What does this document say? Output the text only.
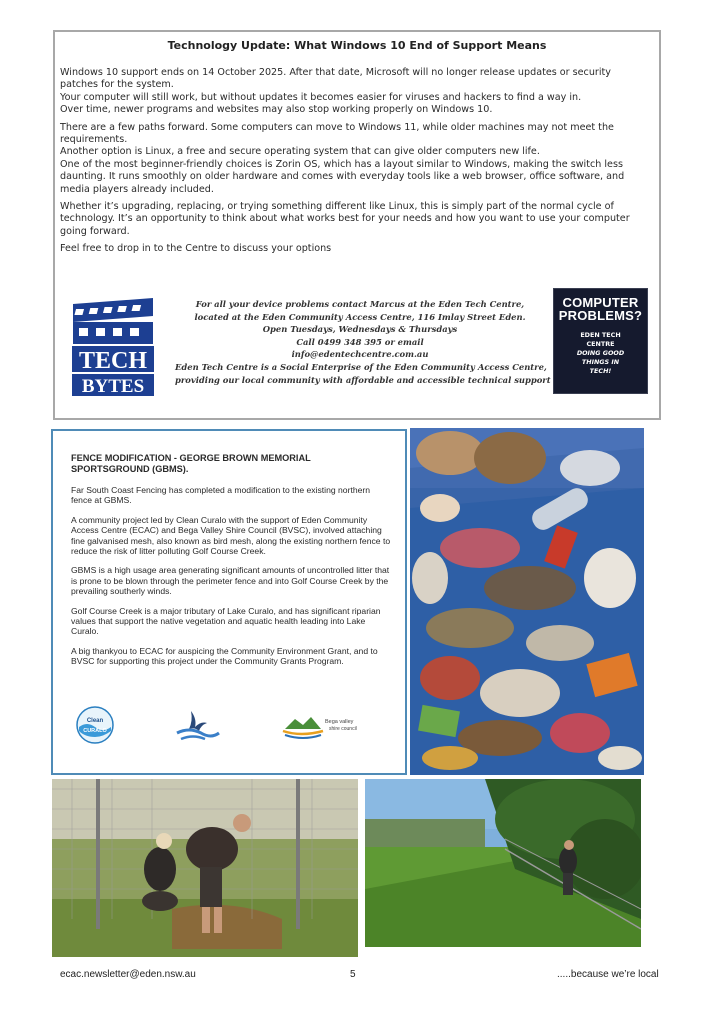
Technology Update: What Windows 10 End of Support Means

Windows 10 support ends on 14 October 2025. After that date, Microsoft will no longer release updates or security patches for the system.

Your computer will still work, but without updates it becomes easier for viruses and hackers to find a way in.

Over time, newer programs and websites may also stop working properly on Windows 10.

There are a few paths forward. Some computers can move to Windows 11, while older machines may not meet the requirements.

Another option is Linux, a free and secure operating system that can give older computers new life.

One of the most beginner-friendly choices is Zorin OS, which has a layout similar to Windows, making the switch less daunting. It runs smoothly on older hardware and comes with everyday tools like a web browser, office software, and media players already included.

Whether it’s upgrading, replacing, or trying something different like Linux, this is simply part of the normal cycle of technology. It’s an opportunity to think about what works best for your needs and how you want to use your computer going forward.

Feel free to drop in to the Centre to discuss your options

TECH
BYTES
For all your device problems contact Marcus at the Eden Tech Centre,
located at the Eden Community Access Centre, 116 Imlay Street Eden.
Open Tuesdays, Wednesdays & Thursdays
Call 0499 348 395 or email
info@edentechcentre.com.au
Eden Tech Centre is a Social Enterprise of the Eden Community Access Centre,
providing our local community with affordable and accessible technical support
COMPUTER
PROBLEMS?
EDEN TECH
CENTRE
DOING GOOD
THINGS IN
TECH!
FENCE MODIFICATION - GEORGE BROWN MEMORIAL SPORTSGROUND (GBMS).

Far South Coast Fencing has completed a modification to the existing northern fence at GBMS.

A community project led by Clean Curalo with the support of Eden Community Access Centre (ECAC) and Bega Valley Shire Council (BVSC), involved attaching fine galvanised mesh, also known as bird mesh, along the existing northern fence to reduce the risk of litter polluting Golf Course Creek.

GBMS is a high usage area generating significant amounts of uncontrolled litter that is prone to be blown through the perimeter fence and into Golf Course Creek by the prevailing southerly winds.

Golf Course Creek is a major tributary of Lake Curalo, and has significant riparian values that support the native vegetation and aquatic health leading into Lake Curalo.

A big thankyou to ECAC for auspicing the Community Environment Grant, and to BVSC for supporting this project under the Community Grants Program.

Clean
CURALO
Bega valley
shire council
ecac.newsletter@eden.nsw.au	5	.....because we’re local
